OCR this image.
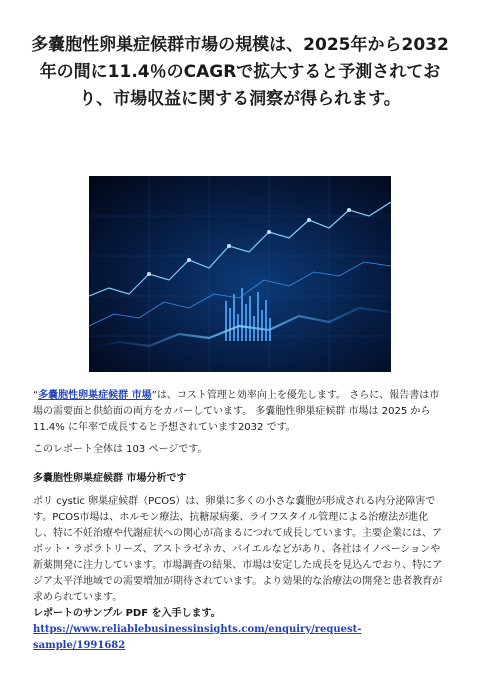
多嚢胞性卵巣症候群市場の規模は、2025年から2032年の間に11.4％のCAGRで拡大すると予測されており、市場収益に関する洞察が得られます。

“多嚢胞性卵巣症候群 市場”は、コスト管理と効率向上を優先します。 さらに、報告書は市場の需要面と供給面の両方をカバーしています。 多嚢胞性卵巣症候群 市場は 2025 から 11.4% に年率で成長すると予想されています2032 です。

このレポート全体は 103 ページです。

多嚢胞性卵巣症候群 市場分析です

ポリ cystic 卵巣症候群（PCOS）は、卵巣に多くの小さな嚢胞が形成される内分泌障害です。PCOS市場は、ホルモン療法、抗糖尿病薬、ライフスタイル管理による治療法が進化し、特に不妊治療や代謝症状への関心が高まるにつれて成長しています。主要企業には、アボット・ラボラトリーズ、アストラゼネカ、バイエルなどがあり、各社はイノベーションや新薬開発に注力しています。市場調査の結果、市場は安定した成長を見込んでおり、特にアジア太平洋地域での需要増加が期待されています。より効果的な治療法の開発と患者教育が求められています。

レポートのサンプル PDF を入手します。 https://www.reliablebusinessinsights.com/enquiry/request-sample/1991682
